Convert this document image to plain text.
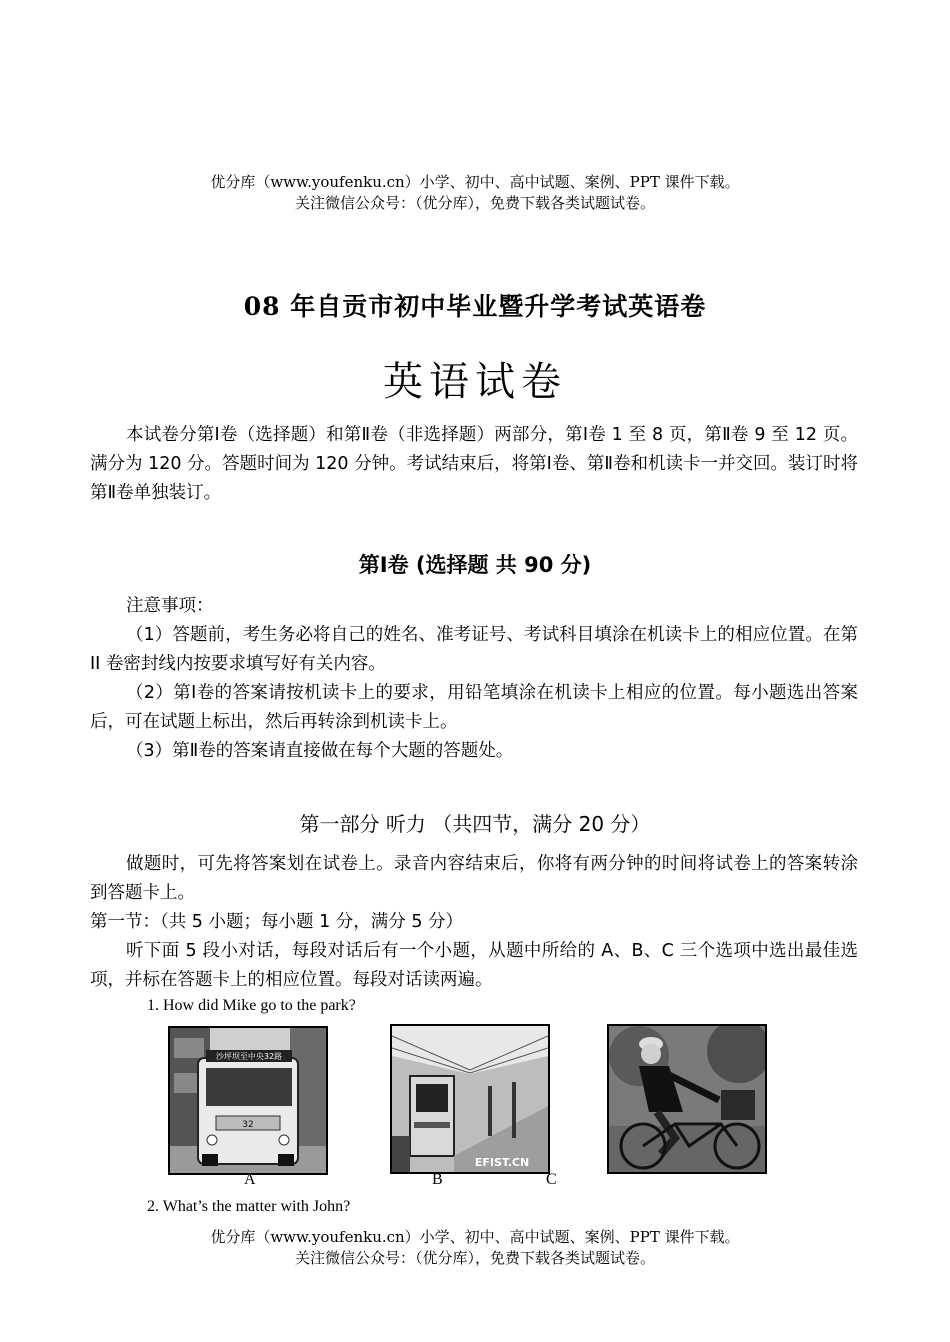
优分库（www.youfenku.cn）小学、初中、高中试题、案例、PPT 课件下载。
关注微信公众号：（优分库），免费下载各类试题试卷。
08 年自贡市初中毕业暨升学考试英语卷
英语试卷
本试卷分第Ⅰ卷（选择题）和第Ⅱ卷（非选择题）两部分，第Ⅰ卷 1 至 8 页，第Ⅱ卷 9 至 12 页。满分为 120 分。答题时间为 120 分钟。考试结束后，将第Ⅰ卷、第Ⅱ卷和机读卡一并交回。装订时将第Ⅱ卷单独装订。
第Ⅰ卷 (选择题 共 90 分)
注意事项：
（1）答题前，考生务必将自己的姓名、准考证号、考试科目填涂在机读卡上的相应位置。在第 II 卷密封线内按要求填写好有关内容。
（2）第Ⅰ卷的答案请按机读卡上的要求，用铅笔填涂在机读卡上相应的位置。每小题选出答案后，可在试题上标出，然后再转涂到机读卡上。
（3）第Ⅱ卷的答案请直接做在每个大题的答题处。
第一部分 听力 （共四节，满分 20 分）
做题时，可先将答案划在试卷上。录音内容结束后，你将有两分钟的时间将试卷上的答案转涂到答题卡上。
第一节：（共 5 小题；每小题 1 分，满分 5 分）
听下面 5 段小对话，每段对话后有一个小题，从题中所给的 A、B、C 三个选项中选出最佳选项，并标在答题卡上的相应位置。每段对话读两遍。
1. How did Mike go to the park?
沙坪坝至中央32路
32
EFIST.CN
A	B	C
2. What’s the matter with John?
优分库（www.youfenku.cn）小学、初中、高中试题、案例、PPT 课件下载。
关注微信公众号：（优分库），免费下载各类试题试卷。
